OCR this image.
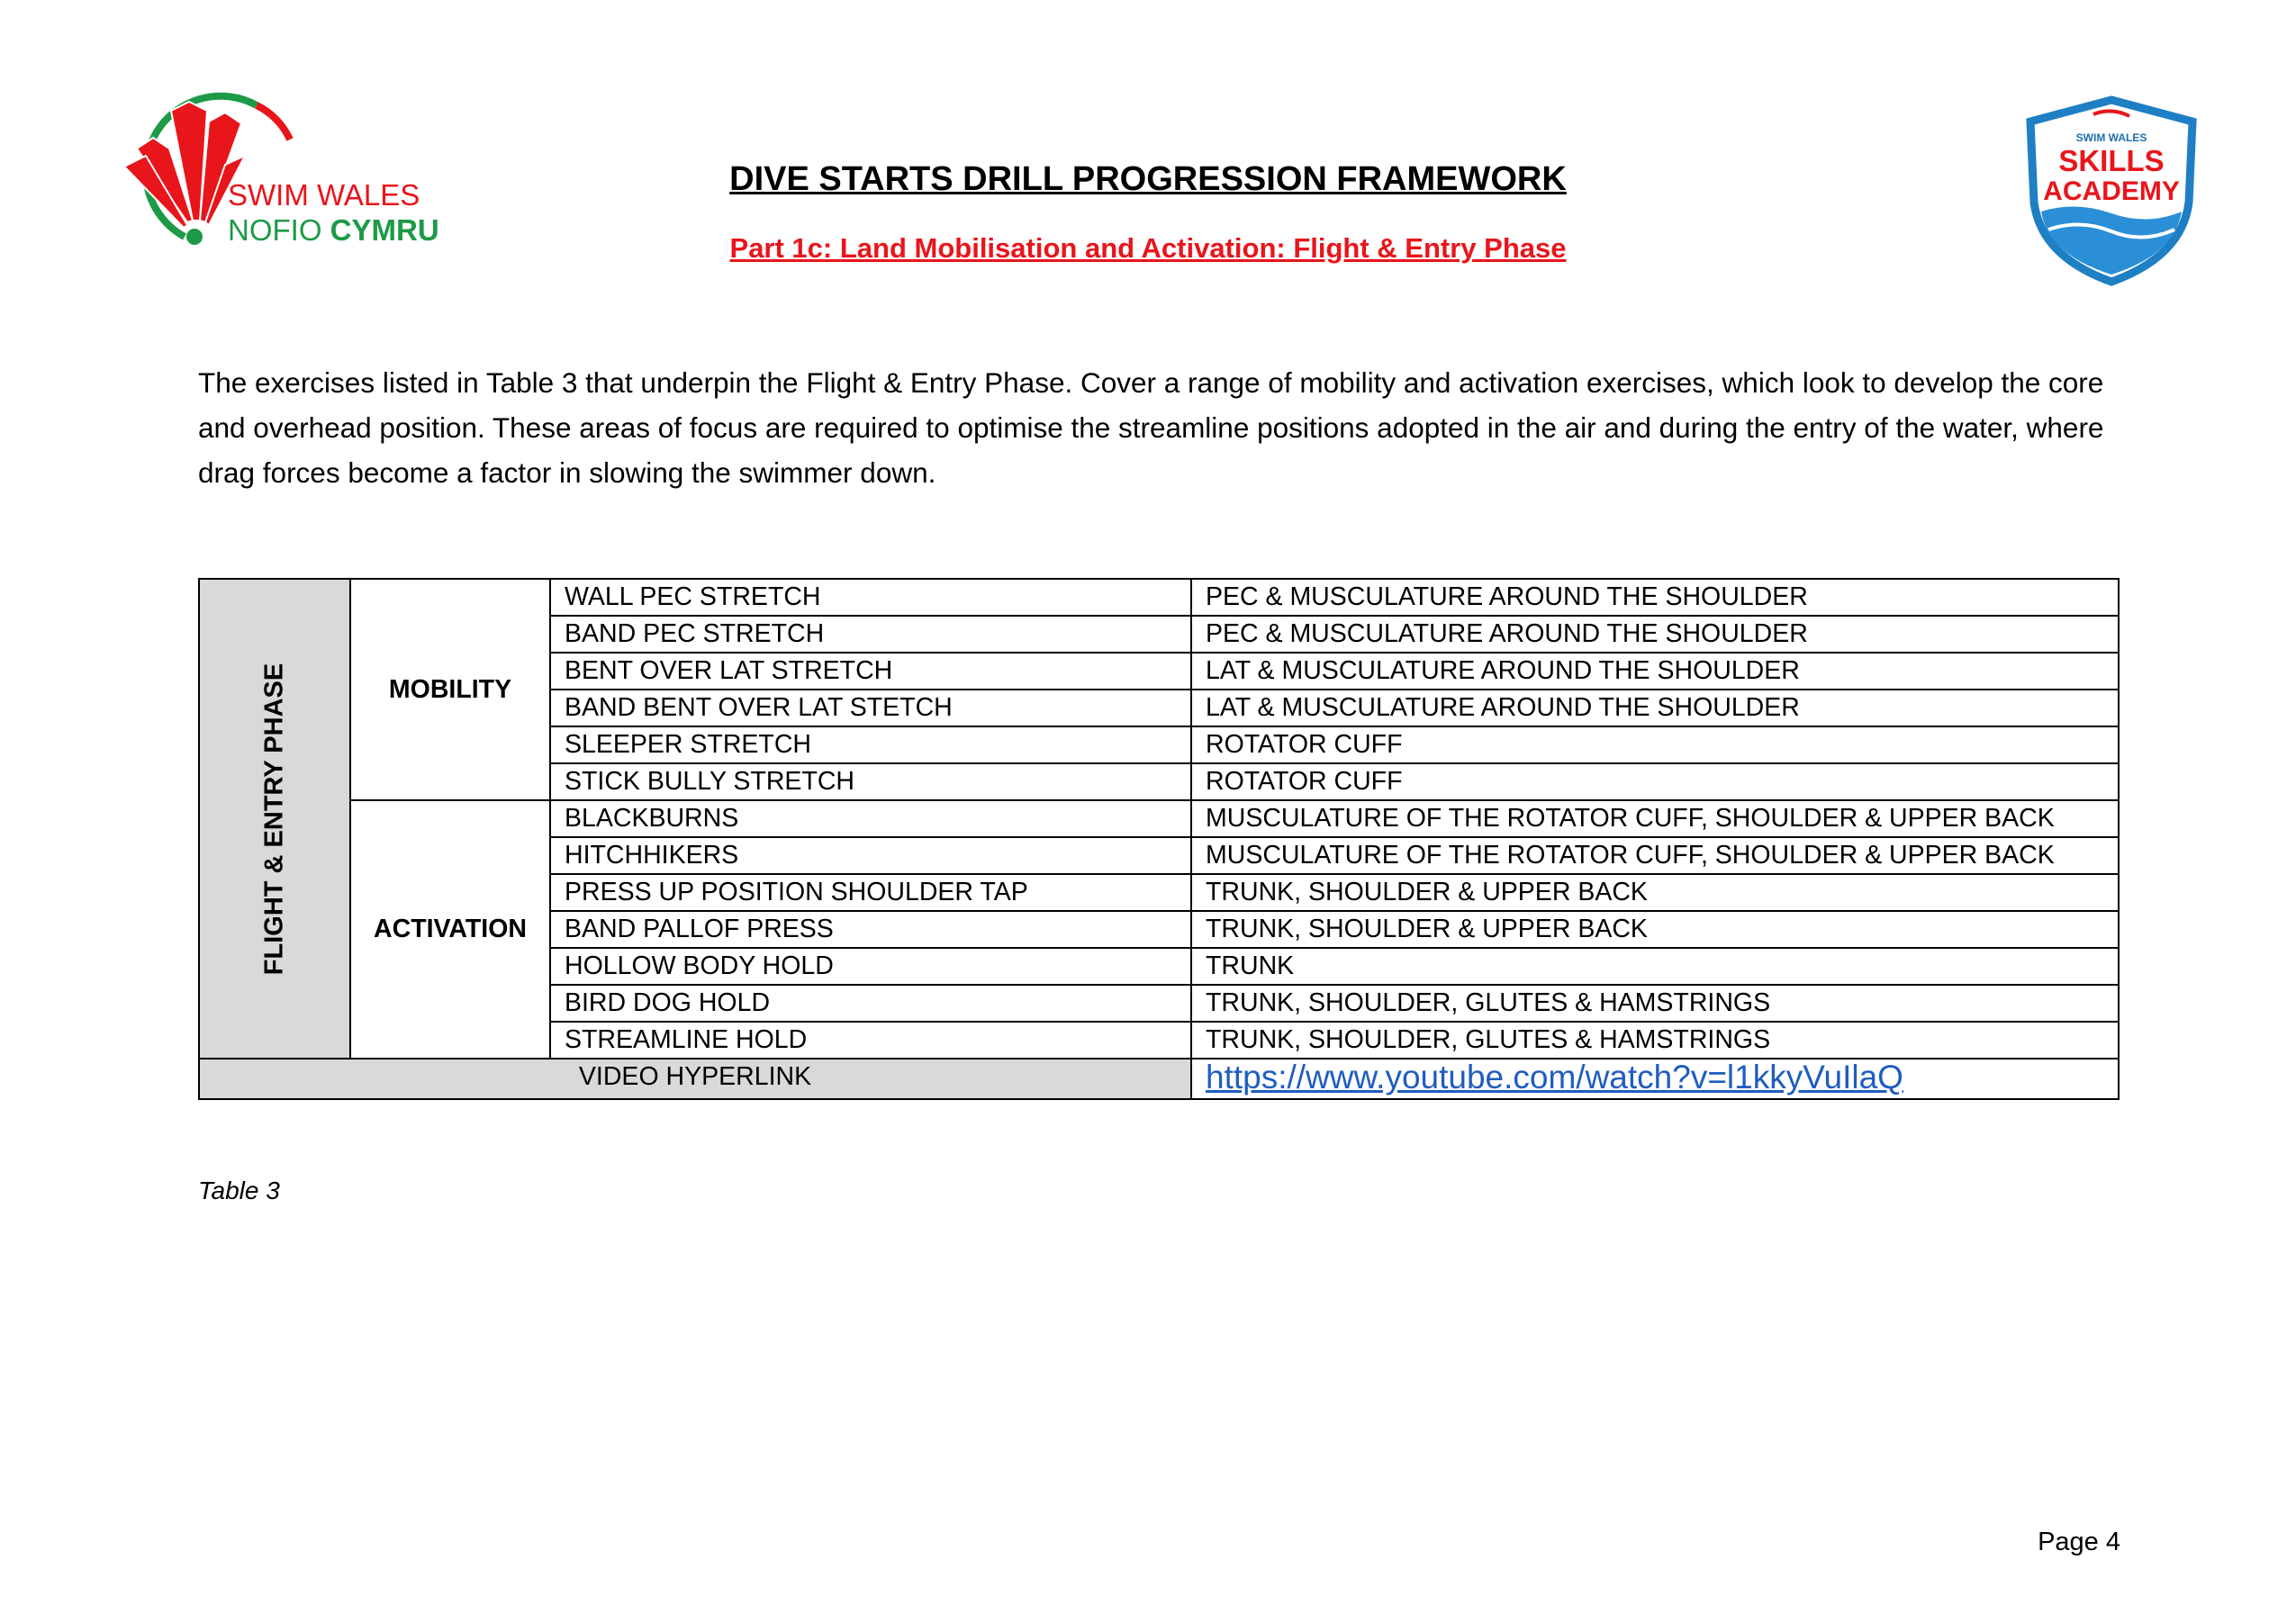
SWIM WALES
NOFIO CYMRU
SWIM WALES
SKILLS
ACADEMY
DIVE STARTS DRILL PROGRESSION FRAMEWORK
Part 1c: Land Mobilisation and Activation: Flight & Entry Phase

The exercises listed in Table 3 that underpin the Flight & Entry Phase. Cover a range of mobility and activation exercises, which look to develop the core and overhead position. These areas of focus are required to optimise the streamline positions adopted in the air and during the entry of the water, where drag forces become a factor in slowing the swimmer down.

FLIGHT & ENTRY PHASE	MOBILITY	WALL PEC STRETCH	PEC & MUSCULATURE AROUND THE SHOULDER
		BAND PEC STRETCH	PEC & MUSCULATURE AROUND THE SHOULDER
		BENT OVER LAT STRETCH	LAT & MUSCULATURE AROUND THE SHOULDER
		BAND BENT OVER LAT STETCH	LAT & MUSCULATURE AROUND THE SHOULDER
		SLEEPER STRETCH	ROTATOR CUFF
		STICK BULLY STRETCH	ROTATOR CUFF
	ACTIVATION	BLACKBURNS	MUSCULATURE OF THE ROTATOR CUFF, SHOULDER & UPPER BACK
		HITCHHIKERS	MUSCULATURE OF THE ROTATOR CUFF, SHOULDER & UPPER BACK
		PRESS UP POSITION SHOULDER TAP	TRUNK, SHOULDER & UPPER BACK
		BAND PALLOF PRESS	TRUNK, SHOULDER & UPPER BACK
		HOLLOW BODY HOLD	TRUNK
		BIRD DOG HOLD	TRUNK, SHOULDER, GLUTES & HAMSTRINGS
		STREAMLINE HOLD	TRUNK, SHOULDER, GLUTES & HAMSTRINGS
VIDEO HYPERLINK			https://www.youtube.com/watch?v=l1kkyVuIlaQ

Table 3

Page 4
